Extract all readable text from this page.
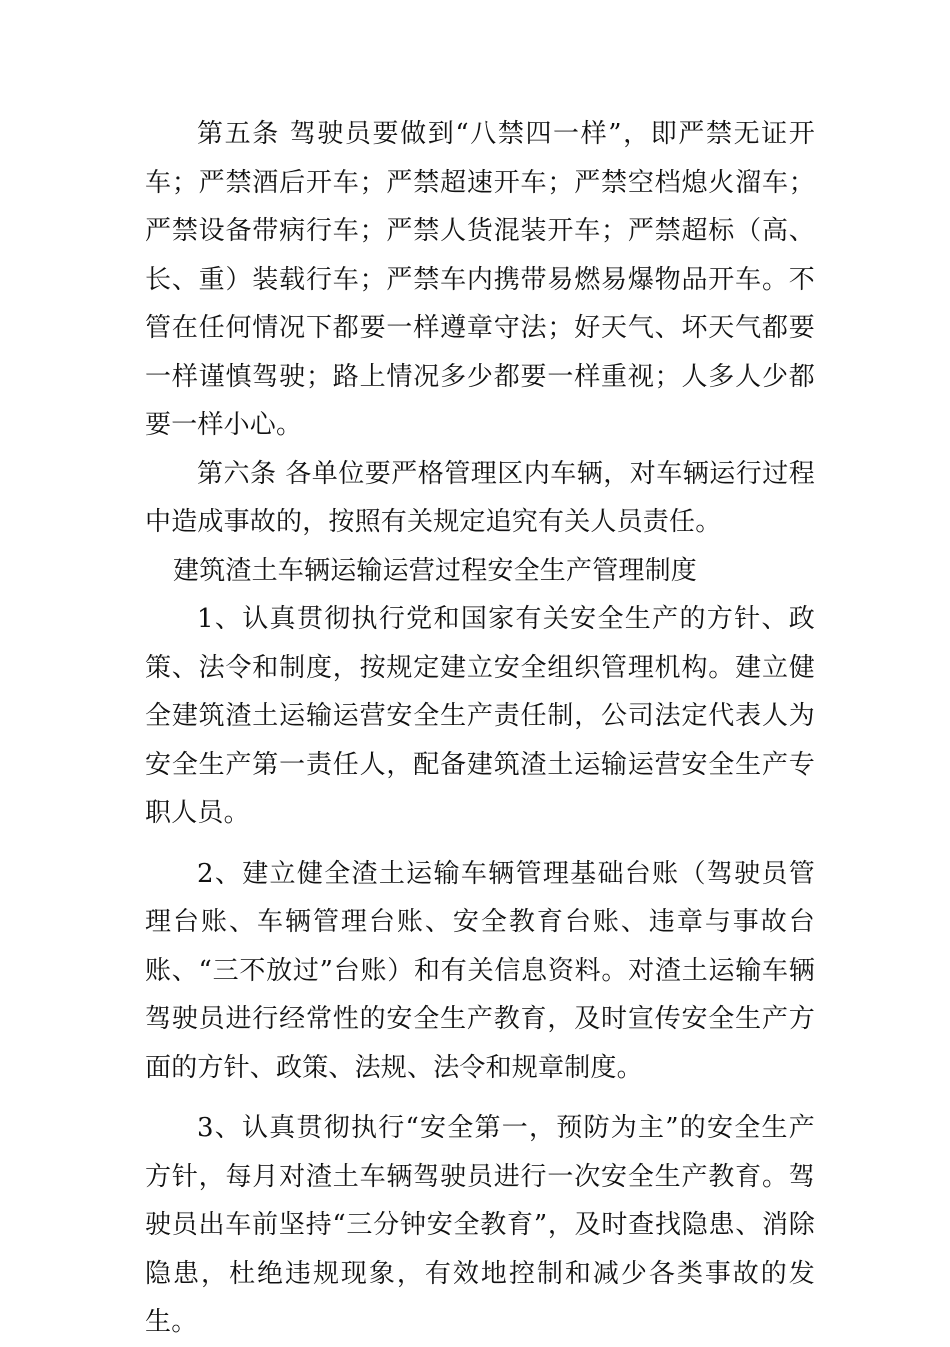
第五条 驾驶员要做到“八禁四一样”，即严禁无证开车；严禁酒后开车；严禁超速开车；严禁空档熄火溜车；严禁设备带病行车；严禁人货混装开车；严禁超标（高、长、重）装载行车；严禁车内携带易燃易爆物品开车。不管在任何情况下都要一样遵章守法；好天气、坏天气都要一样谨慎驾驶；路上情况多少都要一样重视；人多人少都要一样小心。

第六条 各单位要严格管理区内车辆，对车辆运行过程中造成事故的，按照有关规定追究有关人员责任。

建筑渣土车辆运输运营过程安全生产管理制度

1、认真贯彻执行党和国家有关安全生产的方针、政策、法令和制度，按规定建立安全组织管理机构。建立健全建筑渣土运输运营安全生产责任制，公司法定代表人为安全生产第一责任人，配备建筑渣土运输运营安全生产专职人员。

2、建立健全渣土运输车辆管理基础台账（驾驶员管理台账、车辆管理台账、安全教育台账、违章与事故台账、“三不放过”台账）和有关信息资料。对渣土运输车辆驾驶员进行经常性的安全生产教育，及时宣传安全生产方面的方针、政策、法规、法令和规章制度。

3、认真贯彻执行“安全第一，预防为主”的安全生产方针，每月对渣土车辆驾驶员进行一次安全生产教育。驾驶员出车前坚持“三分钟安全教育”，及时查找隐患、消除隐患，杜绝违规现象，有效地控制和减少各类事故的发生。
